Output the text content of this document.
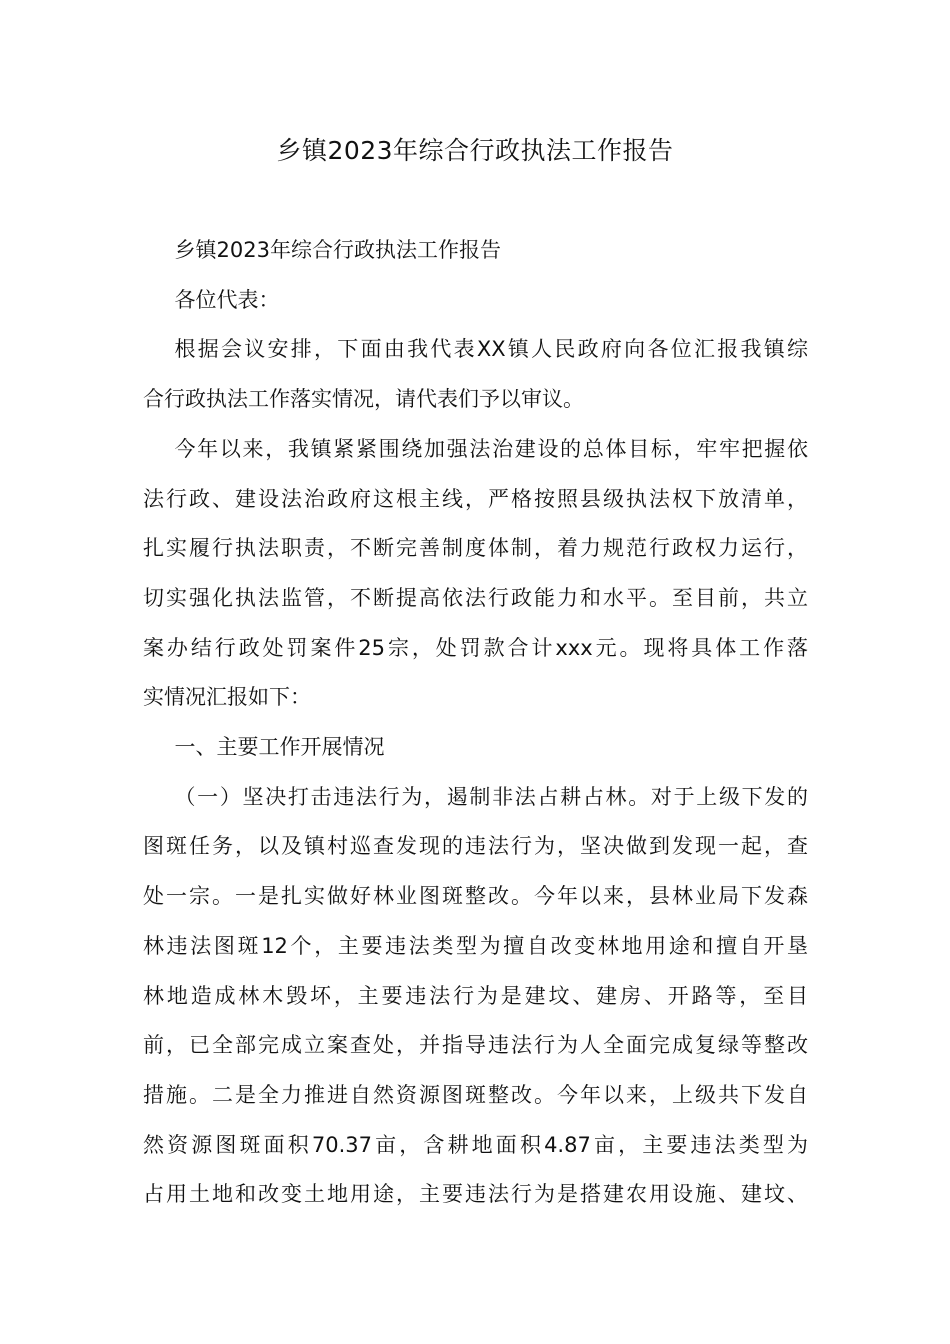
乡镇2023年综合行政执法工作报告

乡镇2023年综合行政执法工作报告

各位代表：

根据会议安排，下面由我代表XX镇人民政府向各位汇报我镇综
合行政执法工作落实情况，请代表们予以审议。

今年以来，我镇紧紧围绕加强法治建设的总体目标，牢牢把握依
法行政、建设法治政府这根主线，严格按照县级执法权下放清单，
扎实履行执法职责，不断完善制度体制，着力规范行政权力运行，
切实强化执法监管，不断提高依法行政能力和水平。至目前，共立
案办结行政处罚案件25宗，处罚款合计xxx元。现将具体工作落
实情况汇报如下：

一、主要工作开展情况

（一）坚决打击违法行为，遏制非法占耕占林。对于上级下发的
图斑任务，以及镇村巡查发现的违法行为，坚决做到发现一起，查
处一宗。一是扎实做好林业图斑整改。今年以来，县林业局下发森
林违法图斑12个，主要违法类型为擅自改变林地用途和擅自开垦
林地造成林木毁坏，主要违法行为是建坟、建房、开路等，至目
前，已全部完成立案查处，并指导违法行为人全面完成复绿等整改
措施。二是全力推进自然资源图斑整改。今年以来，上级共下发自
然资源图斑面积70.37亩，含耕地面积4.87亩，主要违法类型为
占用土地和改变土地用途，主要违法行为是搭建农用设施、建坟、
